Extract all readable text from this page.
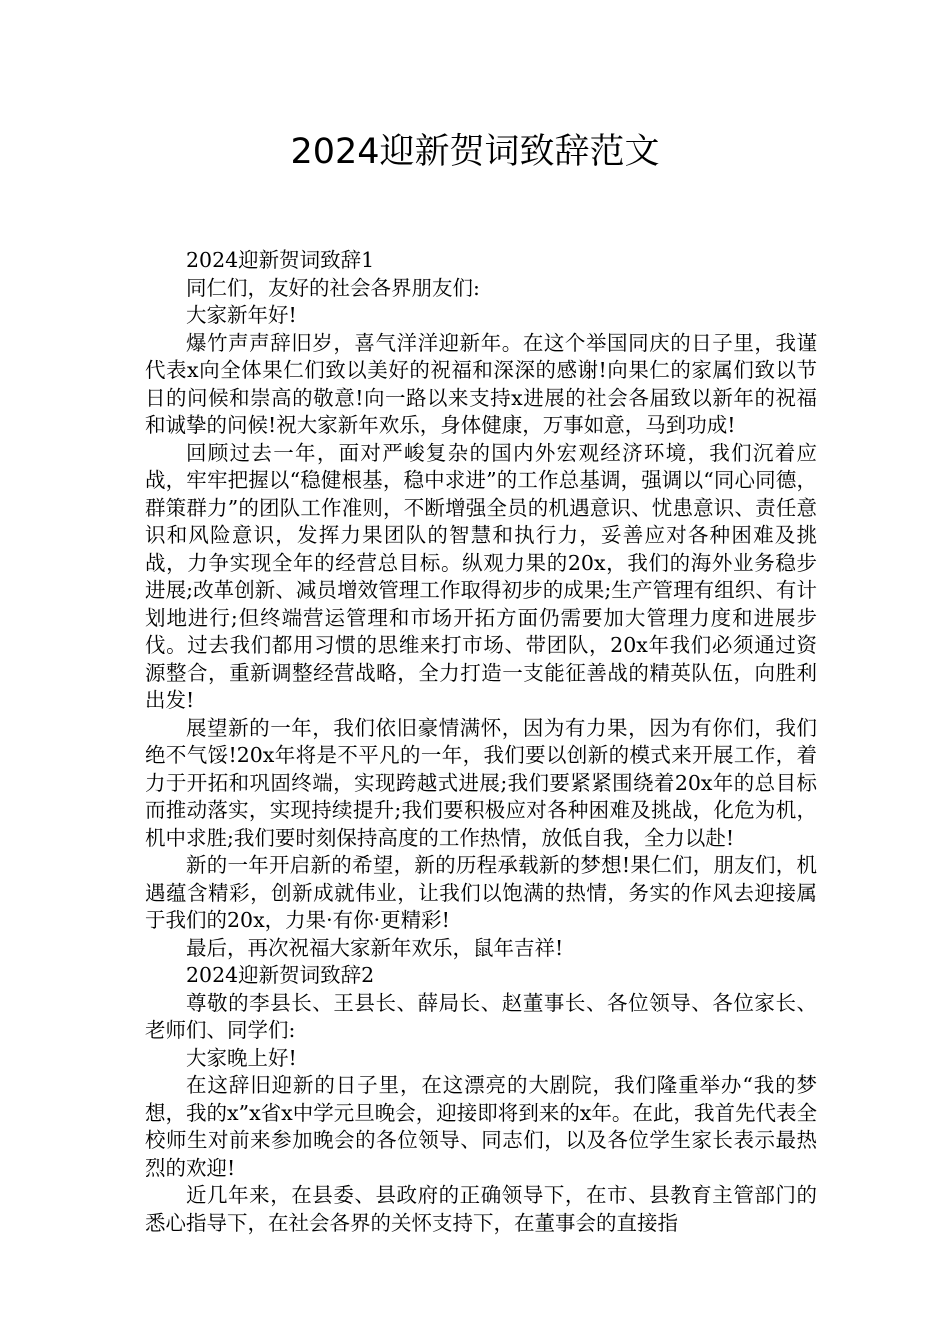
2024迎新贺词致辞范文

2024迎新贺词致辞1

同仁们，友好的社会各界朋友们:

大家新年好!

爆竹声声辞旧岁，喜气洋洋迎新年。在这个举国同庆的日子里，我谨代表x向全体果仁们致以美好的祝福和深深的感谢!向果仁的家属们致以节日的问候和崇高的敬意!向一路以来支持x进展的社会各届致以新年的祝福和诚挚的问候!祝大家新年欢乐，身体健康，万事如意，马到功成!

回顾过去一年，面对严峻复杂的国内外宏观经济环境，我们沉着应战，牢牢把握以“稳健根基，稳中求进”的工作总基调，强调以“同心同德，群策群力”的团队工作准则，不断增强全员的机遇意识、忧患意识、责任意识和风险意识，发挥力果团队的智慧和执行力，妥善应对各种困难及挑战，力争实现全年的经营总目标。纵观力果的20x，我们的海外业务稳步进展;改革创新、减员增效管理工作取得初步的成果;生产管理有组织、有计划地进行;但终端营运管理和市场开拓方面仍需要加大管理力度和进展步伐。过去我们都用习惯的思维来打市场、带团队，20x年我们必须通过资源整合，重新调整经营战略，全力打造一支能征善战的精英队伍，向胜利出发!

展望新的一年，我们依旧豪情满怀，因为有力果，因为有你们，我们绝不气馁!20x年将是不平凡的一年，我们要以创新的模式来开展工作，着力于开拓和巩固终端，实现跨越式进展;我们要紧紧围绕着20x年的总目标而推动落实，实现持续提升;我们要积极应对各种困难及挑战，化危为机，机中求胜;我们要时刻保持高度的工作热情，放低自我，全力以赴!

新的一年开启新的希望，新的历程承载新的梦想!果仁们，朋友们，机遇蕴含精彩，创新成就伟业，让我们以饱满的热情，务实的作风去迎接属于我们的20x，力果·有你·更精彩!

最后，再次祝福大家新年欢乐，鼠年吉祥!

2024迎新贺词致辞2

尊敬的李县长、王县长、薛局长、赵董事长、各位领导、各位家长、老师们、同学们:

大家晚上好!

在这辞旧迎新的日子里，在这漂亮的大剧院，我们隆重举办“我的梦想，我的x”x省x中学元旦晚会，迎接即将到来的x年。在此，我首先代表全校师生对前来参加晚会的各位领导、同志们，以及各位学生家长表示最热烈的欢迎!

近几年来，在县委、县政府的正确领导下，在市、县教育主管部门的悉心指导下，在社会各界的关怀支持下，在董事会的直接指
